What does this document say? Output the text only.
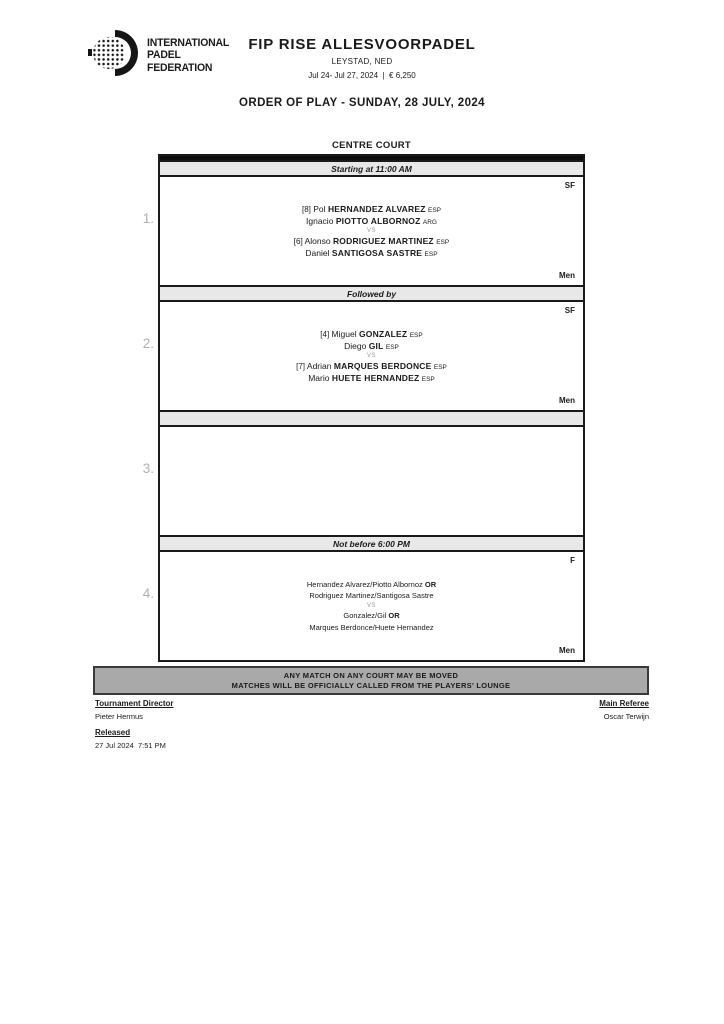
INTERNATIONAL
PADEL
FEDERATION
FIP RISE ALLESVOORPADEL
LEYSTAD, NED
Jul 24- Jul 27, 2024  |  € 6,250
ORDER OF PLAY - SUNDAY, 28 JULY, 2024
CENTRE COURT
Starting at 11:00 AM
1.
SF
[8] Pol HERNANDEZ ALVAREZ ESP
Ignacio PIOTTO ALBORNOZ ARG
VS
[6] Alonso RODRIGUEZ MARTINEZ ESP
Daniel SANTIGOSA SASTRE ESP
Men
Followed by
2.
SF
[4] Miguel GONZALEZ ESP
Diego GIL ESP
VS
[7] Adrian MARQUES BERDONCE ESP
Mario HUETE HERNANDEZ ESP
Men
3.
Not before 6:00 PM
4.
F
Hernandez Alvarez/Piotto Albornoz OR
Rodriguez Martinez/Santigosa Sastre
VS
Gonzalez/Gil OR
Marques Berdonce/Huete Hernandez
Men
ANY MATCH ON ANY COURT MAY BE MOVED
MATCHES WILL BE OFFICIALLY CALLED FROM THE PLAYERS' LOUNGE
Tournament Director
Pieter Hermus
Released
27 Jul 2024  7:51 PM
Main Referee
Oscar Terwijn
